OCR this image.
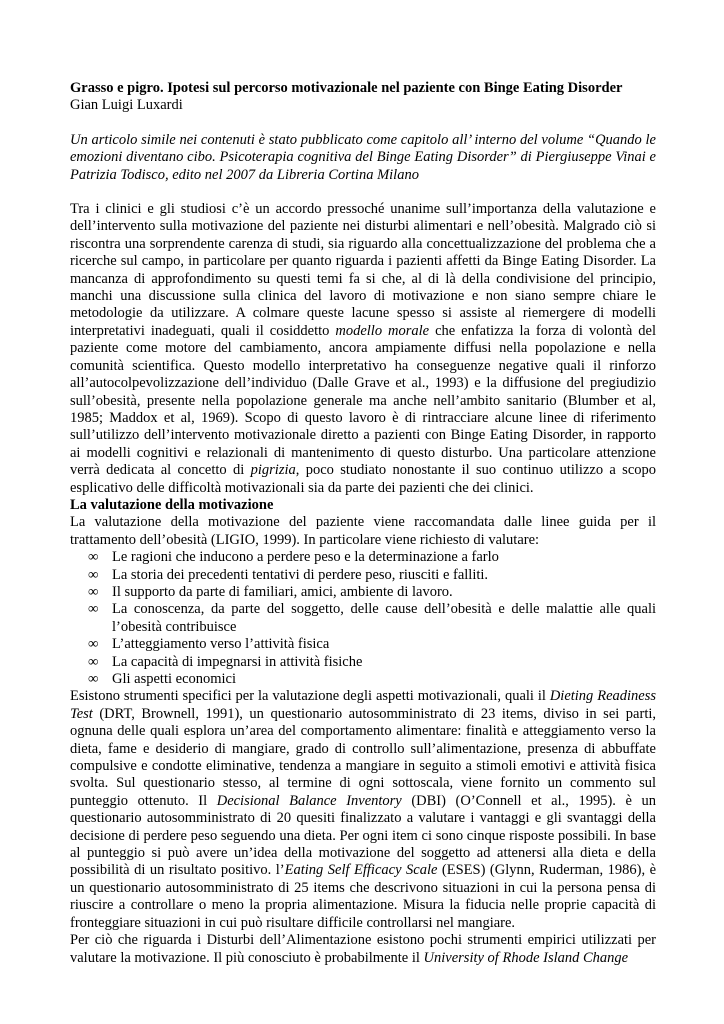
Grasso e pigro. Ipotesi sul percorso motivazionale nel paziente con Binge Eating Disorder

Gian Luigi Luxardi

Un articolo simile nei contenuti è stato pubblicato come capitolo all’ interno del volume “Quando le emozioni diventano cibo. Psicoterapia cognitiva del Binge Eating Disorder” di Piergiuseppe Vinai e Patrizia Todisco, edito nel 2007 da Libreria Cortina Milano

Tra i clinici e gli studiosi c’è un accordo pressoché unanime sull’importanza della valutazione e dell’intervento sulla motivazione del paziente nei disturbi alimentari e nell’obesità. Malgrado ciò si riscontra una sorprendente carenza di studi, sia riguardo alla concettualizzazione del problema che a ricerche sul campo, in particolare per quanto riguarda i pazienti affetti da Binge Eating Disorder. La mancanza di approfondimento su questi temi fa si che, al di là della condivisione del principio, manchi una discussione sulla clinica del lavoro di motivazione e non siano sempre chiare le metodologie da utilizzare. A colmare queste lacune spesso si assiste al riemergere di modelli interpretativi inadeguati, quali il cosiddetto modello morale che enfatizza la forza di volontà del paziente come motore del cambiamento, ancora ampiamente diffusi nella popolazione e nella comunità scientifica. Questo modello interpretativo ha conseguenze negative quali il rinforzo all’autocolpevolizzazione dell’individuo (Dalle Grave et al., 1993) e la diffusione del pregiudizio sull’obesità, presente nella popolazione generale ma anche nell’ambito sanitario (Blumber et al, 1985; Maddox et al, 1969). Scopo di questo lavoro è di rintracciare alcune linee di riferimento sull’utilizzo dell’intervento motivazionale diretto a pazienti con Binge Eating Disorder, in rapporto ai modelli cognitivi e relazionali di mantenimento di questo disturbo. Una particolare attenzione verrà dedicata al concetto di pigrizia, poco studiato nonostante il suo continuo utilizzo a scopo esplicativo delle difficoltà motivazionali sia da parte dei pazienti che dei clinici.

La valutazione della motivazione

La valutazione della motivazione del paziente viene raccomandata dalle linee guida per il trattamento dell’obesità (LIGIO, 1999). In particolare viene richiesto di valutare:

∞ Le ragioni che inducono a perdere peso e la determinazione a farlo
∞ La storia dei precedenti tentativi di perdere peso, riusciti e falliti.
∞ Il supporto da parte di familiari, amici, ambiente di lavoro.
∞ La conoscenza, da parte del soggetto, delle cause dell’obesità e delle malattie alle quali l’obesità contribuisce
∞ L’atteggiamento verso l’attività fisica
∞ La capacità di impegnarsi in attività fisiche
∞ Gli aspetti economici

Esistono strumenti specifici per la valutazione degli aspetti motivazionali, quali il Dieting Readiness Test (DRT, Brownell, 1991), un questionario autosomministrato di 23 items, diviso in sei parti, ognuna delle quali esplora un’area del comportamento alimentare: finalità e atteggiamento verso la dieta, fame e desiderio di mangiare, grado di controllo sull’alimentazione, presenza di abbuffate compulsive e condotte eliminative, tendenza a mangiare in seguito a stimoli emotivi e attività fisica svolta. Sul questionario stesso, al termine di ogni sottoscala, viene fornito un commento sul punteggio ottenuto. Il Decisional Balance Inventory (DBI) (O’Connell et al., 1995). è un questionario autosomministrato di 20 quesiti finalizzato a valutare i vantaggi e gli svantaggi della decisione di perdere peso seguendo una dieta. Per ogni item ci sono cinque risposte possibili. In base al punteggio si può avere un’idea della motivazione del soggetto ad attenersi alla dieta e della possibilità di un risultato positivo. l’Eating Self Efficacy Scale (ESES) (Glynn, Ruderman, 1986), è un questionario autosomministrato di 25 items che descrivono situazioni in cui la persona pensa di riuscire a controllare o meno la propria alimentazione. Misura la fiducia nelle proprie capacità di fronteggiare situazioni in cui può risultare difficile controllarsi nel mangiare.

Per ciò che riguarda i Disturbi dell’Alimentazione esistono pochi strumenti empirici utilizzati per valutare la motivazione. Il più conosciuto è probabilmente il University of Rhode Island Change
